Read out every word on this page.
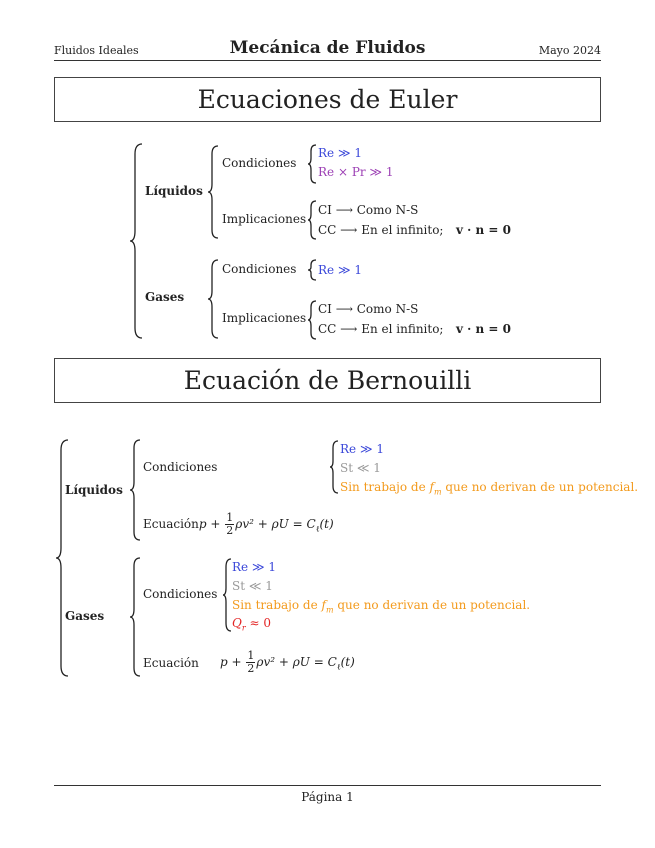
Fluidos Ideales	Mecánica de Fluidos	Mayo 2024
Ecuaciones de Euler
Líquidos
Condiciones
Re ≫ 1
Re × Pr ≫ 1
Implicaciones
CI ⟶ Como N-S
CC ⟶ En el infinito; v · n = 0
Gases
Condiciones Re ≫ 1
Implicaciones
CI ⟶ Como N-S
CC ⟶ En el infinito; v · n = 0
Ecuación de Bernouilli
Líquidos
Condiciones
Re ≫ 1
St ≪ 1
Sin trabajo de $f_m$ que no derivan de un potencial.
Ecuaciónp + $\frac{1}{2} \rho v^2 + \rho U = C_\ell(t)$
Gases
Condiciones
Re ≫ 1
St ≪ 1
Sin trabajo de $f_m$ que no derivan de un potencial.
$Q_r \approx 0$
Ecuación $p + \frac{1}{2} \rho v^2 + \rho U = C_\ell(t)$
Página 1
